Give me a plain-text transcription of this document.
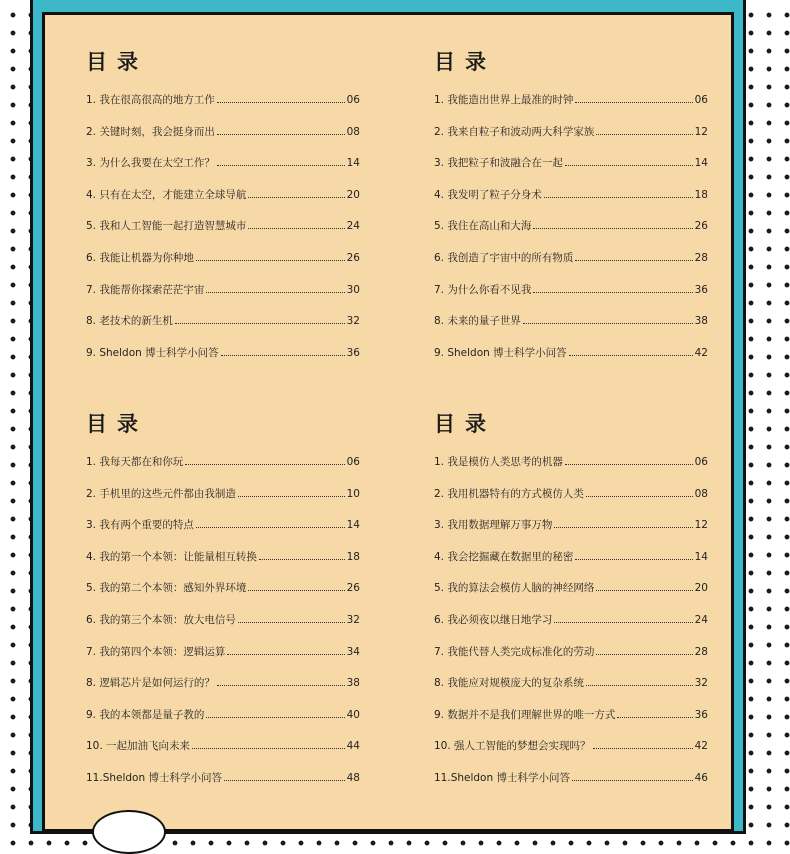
目录
1. 我在很高很高的地方工作	06
2. 关键时刻，我会挺身而出	08
3. 为什么我要在太空工作？	14
4. 只有在太空，才能建立全球导航	20
5. 我和人工智能一起打造智慧城市	24
6. 我能让机器为你种地	26
7. 我能帮你探索茫茫宇宙	30
8. 老技术的新生机	32
9. Sheldon 博士科学小问答	36
目录
1. 我能造出世界上最准的时钟	06
2. 我来自粒子和波动两大科学家族	12
3. 我把粒子和波融合在一起	14
4. 我发明了粒子分身术	18
5. 我住在高山和大海	26
6. 我创造了宇宙中的所有物质	28
7. 为什么你看不见我	36
8. 未来的量子世界	38
9. Sheldon 博士科学小问答	42
目录
1. 我每天都在和你玩	06
2. 手机里的这些元件都由我制造	10
3. 我有两个重要的特点	14
4. 我的第一个本领：让能量相互转换	18
5. 我的第二个本领：感知外界环境	26
6. 我的第三个本领：放大电信号	32
7. 我的第四个本领：逻辑运算	34
8. 逻辑芯片是如何运行的？	38
9. 我的本领都是量子教的	40
10. 一起加油飞向未来	44
11.Sheldon 博士科学小问答	48
目录
1. 我是模仿人类思考的机器	06
2. 我用机器特有的方式模仿人类	08
3. 我用数据理解万事万物	12
4. 我会挖掘藏在数据里的秘密	14
5. 我的算法会模仿人脑的神经网络	20
6. 我必须夜以继日地学习	24
7. 我能代替人类完成标准化的劳动	28
8. 我能应对规模庞大的复杂系统	32
9. 数据并不是我们理解世界的唯一方式	36
10. 强人工智能的梦想会实现吗？	42
11.Sheldon 博士科学小问答	46
